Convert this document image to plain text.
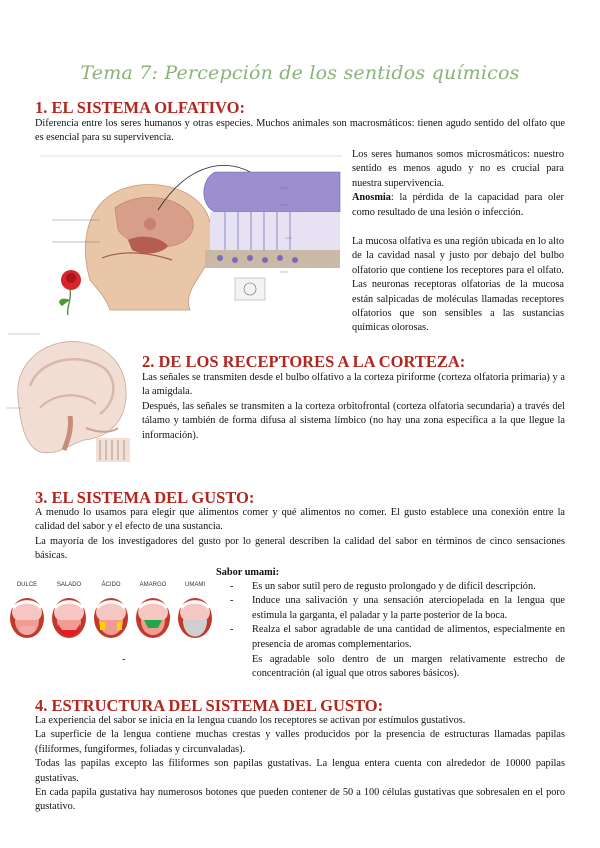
Tema 7: Percepción de los sentidos químicos
1. EL SISTEMA OLFATIVO:

Diferencia entre los seres humanos y otras especies. Muchos animales son macrosmáticos: tienen agudo sentido del olfato que es esencial para su supervivencia.

Los seres humanos somos microsmáticos: nuestro sentido es menos agudo y no es crucial para nuestra supervivencia.

Anosmia: la pérdida de la capacidad para oler como resultado de una lesión o infección.

La mucosa olfativa es una región ubicada en lo alto de la cavidad nasal y justo por debajo del bulbo olfatorio que contiene los receptores para el olfato. Las neuronas receptoras olfatorias de la mucosa están salpicadas de moléculas llamadas receptores olfatorios que son sensibles a las sustancias químicas olorosas.

2. DE LOS RECEPTORES A LA CORTEZA:

Las señales se transmiten desde el bulbo olfativo a la corteza piriforme (corteza olfatoria primaria) y a la amígdala.

Después, las señales se transmiten a la corteza orbitofrontal (corteza olfatoria secundaria) a través del tálamo y también de forma difusa al sistema límbico (no hay una zona específica a la que llegue la información).

3. EL SISTEMA DEL GUSTO:

A menudo lo usamos para elegir que alimentos comer y qué alimentos no comer. El gusto establece una conexión entre la calidad del sabor y el efecto de una sustancia.

La mayoría de los investigadores del gusto por lo general describen la calidad del sabor en términos de cinco sensaciones básicas.

DULCE	SALADO	ÁCIDO	AMARGO	UMAMI
Sabor umami:
- Es un sabor sutil pero de regusto prolongado y de difícil descripción.
- Induce una salivación y una sensación aterciopelada en la lengua que estimula la garganta, el paladar y la parte posterior de la boca.
- Realza el sabor agradable de una cantidad de alimentos, especialmente en presencia de aromas complementarios.
- Es agradable solo dentro de un margen relativamente estrecho de concentración (al igual que otros sabores básicos).
4. ESTRUCTURA DEL SISTEMA DEL GUSTO:

La experiencia del sabor se inicia en la lengua cuando los receptores se activan por estímulos gustativos.

La superficie de la lengua contiene muchas crestas y valles producidos por la presencia de estructuras llamadas papilas (filiformes, fungiformes, foliadas y circunvaladas).

Todas las papilas excepto las filiformes son papilas gustativas. La lengua entera cuenta con alrededor de 10000 papilas gustativas.

En cada papila gustativa hay numerosos botones que pueden contener de 50 a 100 células gustativas que sobresalen en el poro gustativo.
